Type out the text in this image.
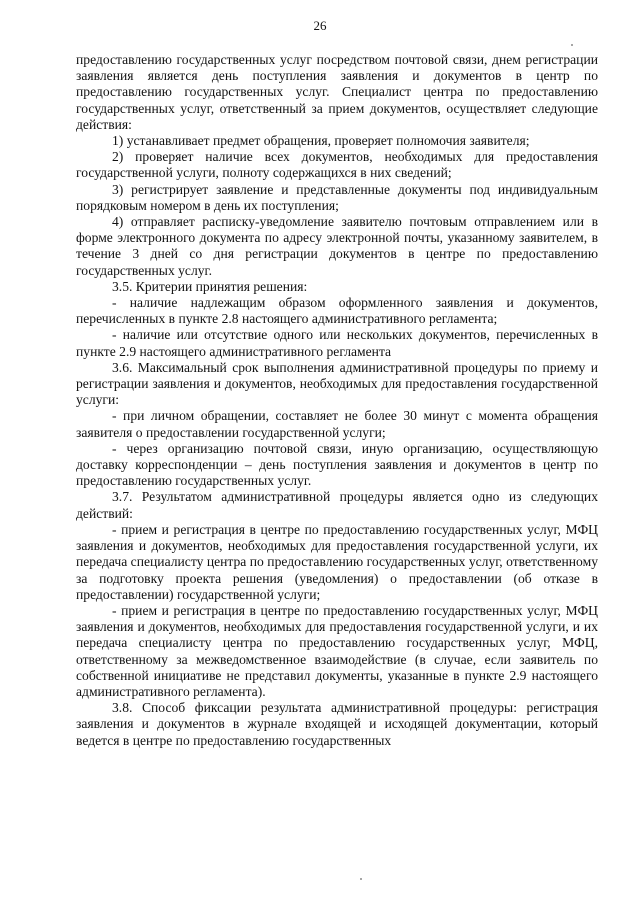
26

предоставлению государственных услуг посредством почтовой связи, днем регистрации заявления является день поступления заявления и документов в центр по предоставлению государственных услуг. Специалист центра по предоставлению государственных услуг, ответственный за прием документов, осуществляет следующие действия:

1) устанавливает предмет обращения, проверяет полномочия заявителя;

2) проверяет наличие всех документов, необходимых для предоставления государственной услуги, полноту содержащихся в них сведений;

3) регистрирует заявление и представленные документы под индивидуальным порядковым номером в день их поступления;

4) отправляет расписку-уведомление заявителю почтовым отправлением или в форме электронного документа по адресу электронной почты, указанному заявителем, в течение 3 дней со дня регистрации документов в центре по предоставлению государственных услуг.

3.5. Критерии принятия решения:

- наличие надлежащим образом оформленного заявления и документов, перечисленных в пункте 2.8 настоящего административного регламента;

- наличие или отсутствие одного или нескольких документов, перечисленных в пункте 2.9 настоящего административного регламента

3.6. Максимальный срок выполнения административной процедуры по приему и регистрации заявления и документов, необходимых для предоставления государственной услуги:

- при личном обращении, составляет не более 30 минут с момента обращения заявителя о предоставлении государственной услуги;

- через организацию почтовой связи, иную организацию, осуществляющую доставку корреспонденции – день поступления заявления и документов в центр по предоставлению государственных услуг.

3.7. Результатом административной процедуры является одно из следующих действий:

- прием и регистрация в центре по предоставлению государственных услуг, МФЦ заявления и документов, необходимых для предоставления государственной услуги, их передача специалисту центра по предоставлению государственных услуг, ответственному за подготовку проекта решения (уведомления) о предоставлении (об отказе в предоставлении) государственной услуги;

- прием и регистрация в центре по предоставлению государственных услуг, МФЦ заявления и документов, необходимых для предоставления государственной услуги, и их передача специалисту центра по предоставлению государственных услуг, МФЦ, ответственному за межведомственное взаимодействие (в случае, если заявитель по собственной инициативе не представил документы, указанные в пункте 2.9 настоящего административного регламента).

3.8. Способ фиксации результата административной процедуры: регистрация заявления и документов в журнале входящей и исходящей документации, который ведется в центре по предоставлению государственных
